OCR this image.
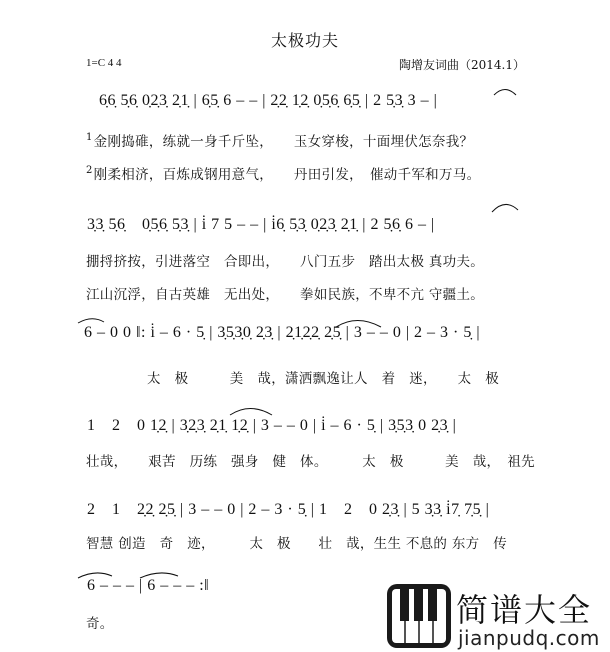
太极功夫
1=C 4 4	陶增友词曲（2014.1）
6̣6̣ 5̣6̣ 0̣2̣3̣ 2̣1̣ | 6̣5̣ 6 – – | 2̣2̣ 1̣2̣ 0̣5̣6̣ 6̣5̣ | 2 5̣3̣ 3 – |
$^1$金刚捣碓，练就一身千斤坠，　　玉女穿梭，十面埋伏怎奈我？
$^2$刚柔相济，百炼成钢用意气，　　丹田引发，　催动千军和万马。
3̣3̣ 5̣6̣　0̣5̣6̣ 5̣3̣ | i̇ 7 5 – – | i̇6̣ 5̣3̣ 0̣2̣3̣ 2̣1̣ | 2 5̣6̣ 6 – |
掤捋挤按，引进落空　合即出，　　八门五步　踏出太极 真功夫。
江山沉浮，自古英雄　无出处，　　拳如民族，不卑不亢 守疆土。
6 – 0 0 ‖: i̇ – 6 · 5̣ | 3̣5̣3̣0̣ 2̣3̣ | 2̣1̣2̣2̣ 2̣5̣ | 3 – – 0 | 2 – 3 · 5̣ |
太　极　　　美　哉，潇洒飘逸让人　着　迷，　　太　极
1　2　0 1̣2̣ | 3̣2̣3̣ 2̣1̣ 1̣2̣ | 3 – – 0 | i̇ – 6 · 5̣ | 3̣5̣3̣ 0 2̣3̣ |
壮哉，　　艰苦　历练　强身　健　体。　　　太　极　　　美　哉，　祖先
2　1　2̣2̣ 2̣5̣ | 3 – – 0 | 2 – 3 · 5̣ | 1　2　0 2̣3̣ | 5 3̣3̣ i̇7̣ 7̣5̣ |
智慧 创造　奇　迹，　　　太　极　　壮　哉，生生 不息的 东方　传
6 – – – | 6 – – – :‖
奇。	简谱大全
jianpudq.com
